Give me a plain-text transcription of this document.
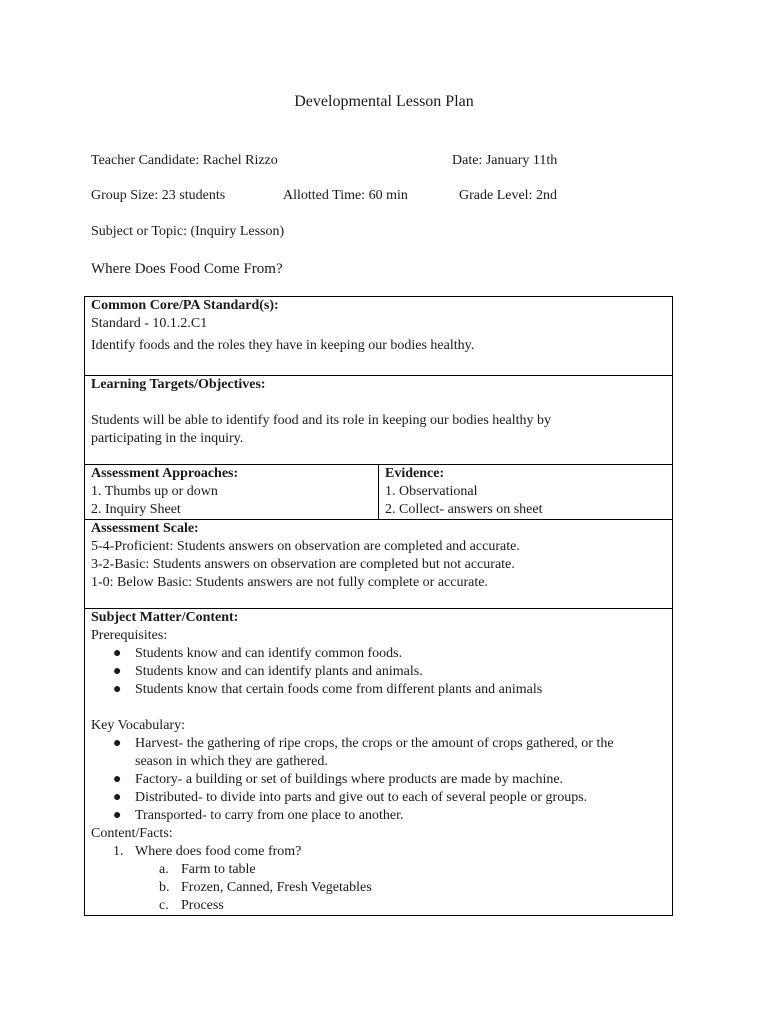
Developmental Lesson Plan
Teacher Candidate: Rachel Rizzo	Date: January 11th
Group Size: 23 students	Allotted Time: 60 min	Grade Level: 2nd
Subject or Topic: (Inquiry Lesson)
Where Does Food Come From?
Common Core/PA Standard(s):
Standard - 10.1.2.C1
Identify foods and the roles they have in keeping our bodies healthy.

Learning Targets/Objectives:
Students will be able to identify food and its role in keeping our bodies healthy by
participating in the inquiry.

Assessment Approaches:
1. Thumbs up or down
2. Inquiry Sheet

Evidence:
1. Observational
2. Collect- answers on sheet

Assessment Scale:
5-4-Proficient: Students answers on observation are completed and accurate.
3-2-Basic: Students answers on observation are completed but not accurate.
1-0: Below Basic: Students answers are not fully complete or accurate.

Subject Matter/Content:
Prerequisites:
● Students know and can identify common foods.
● Students know and can identify plants and animals.
● Students know that certain foods come from different plants and animals
Key Vocabulary:
● Harvest- the gathering of ripe crops, the crops or the amount of crops gathered, or the
season in which they are gathered.
● Factory- a building or set of buildings where products are made by machine.
● Distributed- to divide into parts and give out to each of several people or groups.
● Transported- to carry from one place to another.
Content/Facts:
1. Where does food come from?
a. Farm to table
b. Frozen, Canned, Fresh Vegetables
c. Process
